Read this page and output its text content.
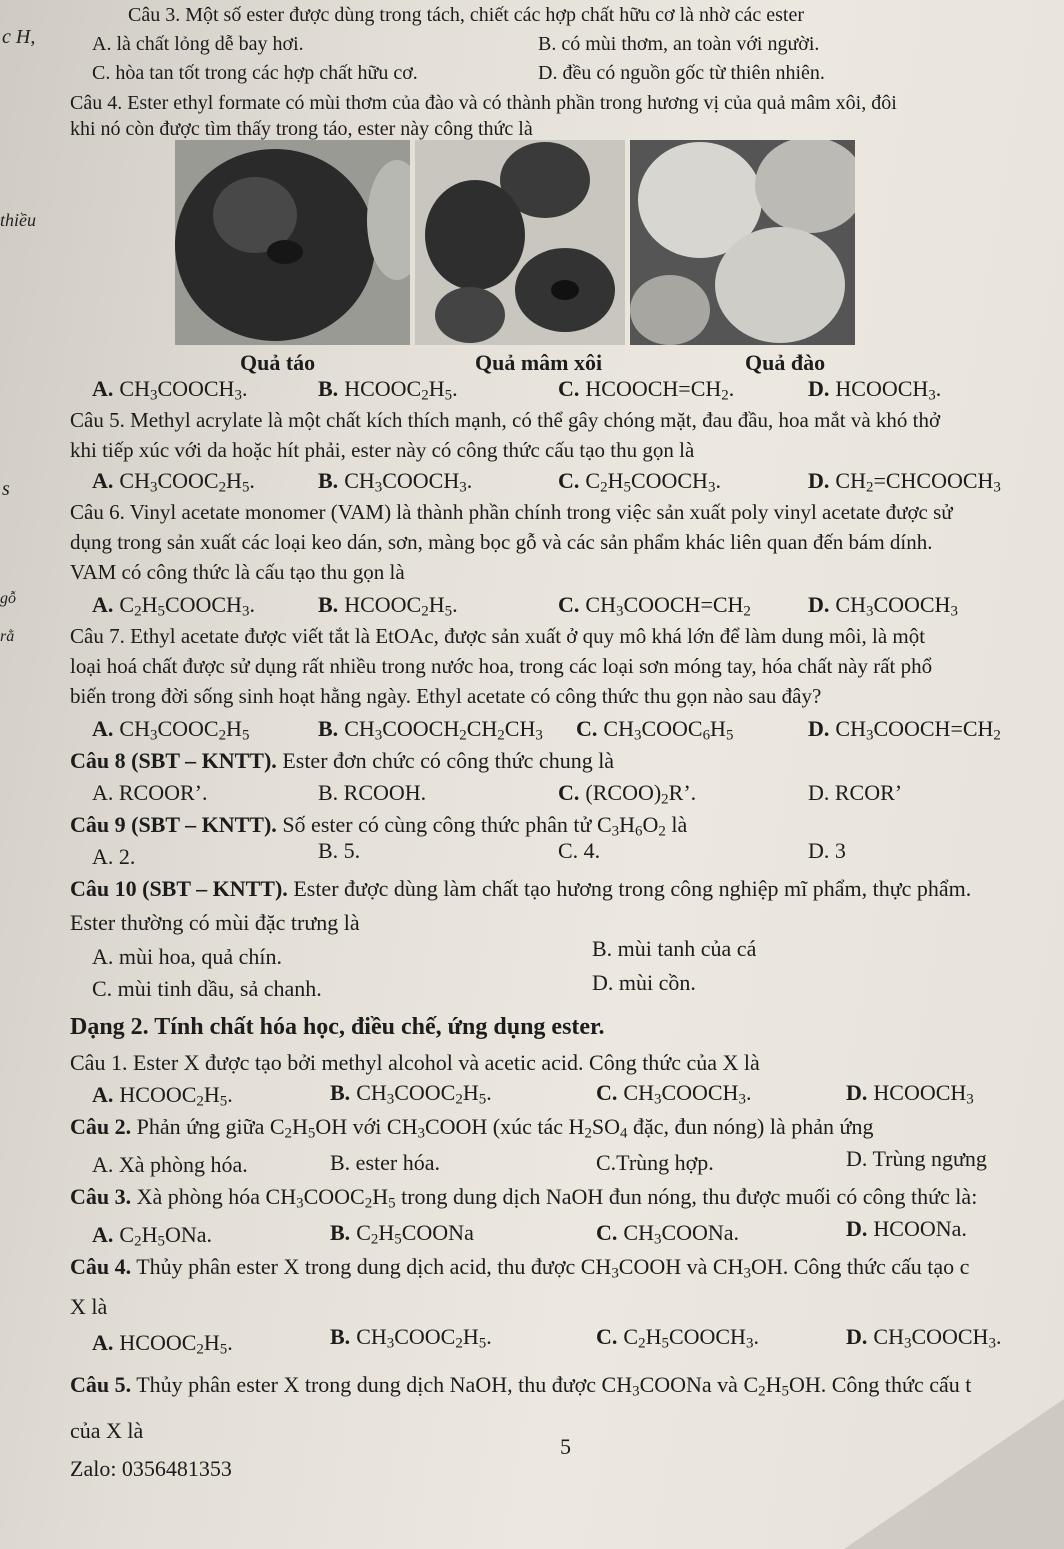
c H,
thiều
s
gỗ
rằ
Câu 3. Một số ester được dùng trong tách, chiết các hợp chất hữu cơ là nhờ các ester
A. là chất lỏng dễ bay hơi.	B. có mùi thơm, an toàn với người.
C. hòa tan tốt trong các hợp chất hữu cơ.	D. đều có nguồn gốc từ thiên nhiên.
Câu 4. Ester ethyl formate có mùi thơm của đào và có thành phần trong hương vị của quả mâm xôi, đôi
khi nó còn được tìm thấy trong táo, ester này công thức là
Quả táo	Quả mâm xôi	Quả đào
A. $CH_3COOCH_3$.	B. $HCOOC_2H_5$.	C. $HCOOCH=CH_2$.	D. $HCOOCH_3$.
Câu 5. Methyl acrylate là một chất kích thích mạnh, có thể gây chóng mặt, đau đầu, hoa mắt và khó thở
khi tiếp xúc với da hoặc hít phải, ester này có công thức cấu tạo thu gọn là
A. $CH_3COOC_2H_5$.	B. $CH_3COOCH_3$.	C. $C_2H_5COOCH_3$.	D. $CH_2=CHCOOCH_3$
Câu 6. Vinyl acetate monomer (VAM) là thành phần chính trong việc sản xuất poly vinyl acetate được sử
dụng trong sản xuất các loại keo dán, sơn, màng bọc gỗ và các sản phẩm khác liên quan đến bám dính.
VAM có công thức là cấu tạo thu gọn là
A. $C_2H_5COOCH_3$.	B. $HCOOC_2H_5$.	C. $CH_3COOCH=CH_2$	D. $CH_3COOCH_3$
Câu 7. Ethyl acetate được viết tắt là EtOAc, được sản xuất ở quy mô khá lớn để làm dung môi, là một
loại hoá chất được sử dụng rất nhiều trong nước hoa, trong các loại sơn móng tay, hóa chất này rất phổ
biến trong đời sống sinh hoạt hằng ngày. Ethyl acetate có công thức thu gọn nào sau đây?
A. $CH_3COOC_2H_5$	B. $CH_3COOCH_2CH_2CH_3$ C. $CH_3COOC_6H_5$	D. $CH_3COOCH=CH_2$
Câu 8 (SBT – KNTT). Ester đơn chức có công thức chung là
A. RCOOR’.	B. RCOOH.	C. $(RCOO)_2R$’.	D. RCOR’
Câu 9 (SBT – KNTT). Số ester có cùng công thức phân tử $C_3H_6O_2$ là
A. 2.	B. 5.	C. 4.	D. 3
Câu 10 (SBT – KNTT). Ester được dùng làm chất tạo hương trong công nghiệp mĩ phẩm, thực phẩm.
Ester thường có mùi đặc trưng là
A. mùi hoa, quả chín.	B. mùi tanh của cá
C. mùi tinh dầu, sả chanh.	D. mùi cồn.
Dạng 2. Tính chất hóa học, điều chế, ứng dụng ester.
Câu 1. Ester X được tạo bởi methyl alcohol và acetic acid. Công thức của X là
A. $HCOOC_2H_5$.	B. $CH_3COOC_2H_5$.	C. $CH_3COOCH_3$.	D. $HCOOCH_3$
Câu 2. Phản ứng giữa $C_2H_5OH$ với $CH_3COOH$ (xúc tác $H_2SO_4$ đặc, đun nóng) là phản ứng
A. Xà phòng hóa.	B. ester hóa.	C.Trùng hợp.	D. Trùng ngưng
Câu 3. Xà phòng hóa $CH_3COOC_2H_5$ trong dung dịch NaOH đun nóng, thu được muối có công thức là:
A. $C_2H_5ONa$.	B. $C_2H_5COONa$	C. $CH_3COONa$.	D. HCOONa.
Câu 4. Thủy phân ester X trong dung dịch acid, thu được $CH_3COOH$ và $CH_3OH$. Công thức cấu tạo c
X là
A. $HCOOC_2H_5$.	B. $CH_3COOC_2H_5$.	C. $C_2H_5COOCH_3$.	D. $CH_3COOCH_3$.
Câu 5. Thủy phân ester X trong dung dịch NaOH, thu được $CH_3COONa$ và $C_2H_5OH$. Công thức cấu t
của X là
Zalo: 0356481353
5
